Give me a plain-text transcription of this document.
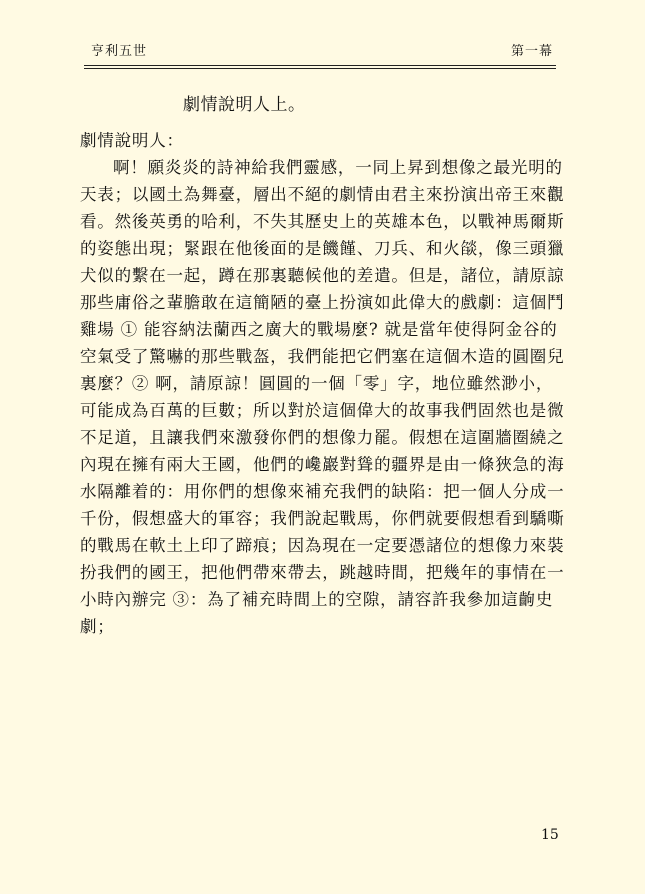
亨利五世	第一幕
劇情說明人上。
劇情說明人：
啊！願炎炎的詩神給我們靈感，一同上昇到想像之最光明的
天表；以國土為舞臺，層出不絕的劇情由君主來扮演出帝王來觀
看。然後英勇的哈利，不失其歷史上的英雄本色，以戰神馬爾斯
的姿態出現；緊跟在他後面的是饑饉、刀兵、和火燄，像三頭獵
犬似的繫在一起，蹲在那裏聽候他的差遣。但是，諸位，請原諒
那些庸俗之輩膽敢在這簡陋的臺上扮演如此偉大的戲劇：這個鬥
雞場 ① 能容納法蘭西之廣大的戰場麼? 就是當年使得阿金谷的
空氣受了驚嚇的那些戰盔，我們能把它們塞在這個木造的圓圈兒
裏麼？② 啊，請原諒！圓圓的一個「零」字，地位雖然渺小，
可能成為百萬的巨數；所以對於這個偉大的故事我們固然也是微
不足道，且讓我們來激發你們的想像力罷。假想在這圍牆圈繞之
內現在擁有兩大王國，他們的巉巖對聳的疆界是由一條狹急的海
水隔離着的：用你們的想像來補充我們的缺陷：把一個人分成一
千份，假想盛大的軍容；我們說起戰馬，你們就要假想看到驕嘶
的戰馬在軟土上印了蹄痕；因為現在一定要憑諸位的想像力來裝
扮我們的國王，把他們帶來帶去，跳越時間，把幾年的事情在一
小時內辦完 ③：為了補充時間上的空隙，請容許我參加這齣史
劇；
15
